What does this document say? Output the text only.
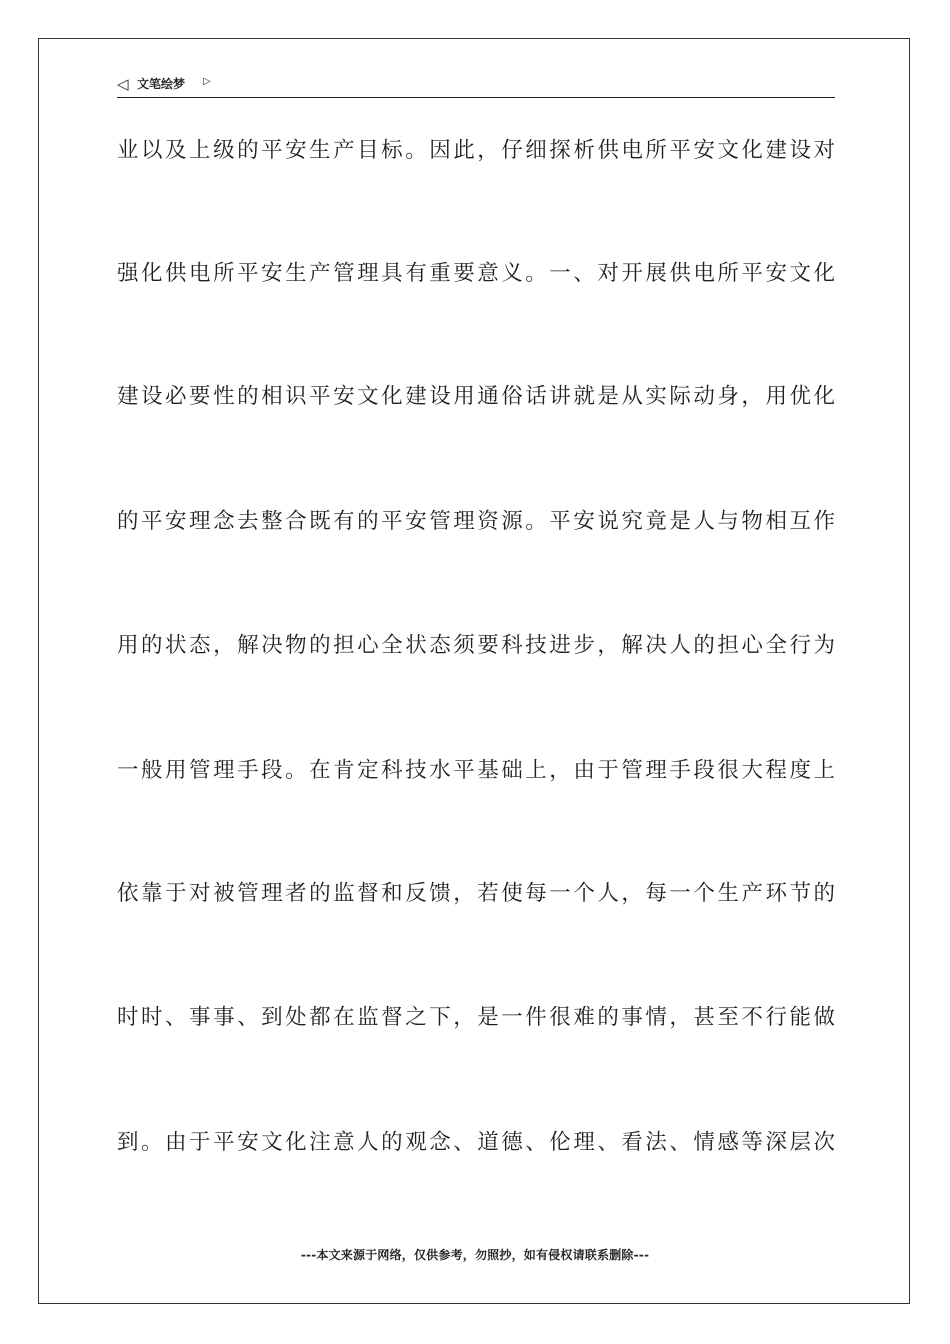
◁ 文笔绘梦 ▷
业以及上级的平安生产目标。因此，仔细探析供电所平安文化建设对
强化供电所平安生产管理具有重要意义。一、对开展供电所平安文化
建设必要性的相识平安文化建设用通俗话讲就是从实际动身，用优化
的平安理念去整合既有的平安管理资源。平安说究竟是人与物相互作
用的状态，解决物的担心全状态须要科技进步，解决人的担心全行为
一般用管理手段。在肯定科技水平基础上，由于管理手段很大程度上
依靠于对被管理者的监督和反馈，若使每一个人，每一个生产环节的
时时、事事、到处都在监督之下，是一件很难的事情，甚至不行能做
到。由于平安文化注意人的观念、道德、伦理、看法、情感等深层次
---本文来源于网络，仅供参考，勿照抄，如有侵权请联系删除---
